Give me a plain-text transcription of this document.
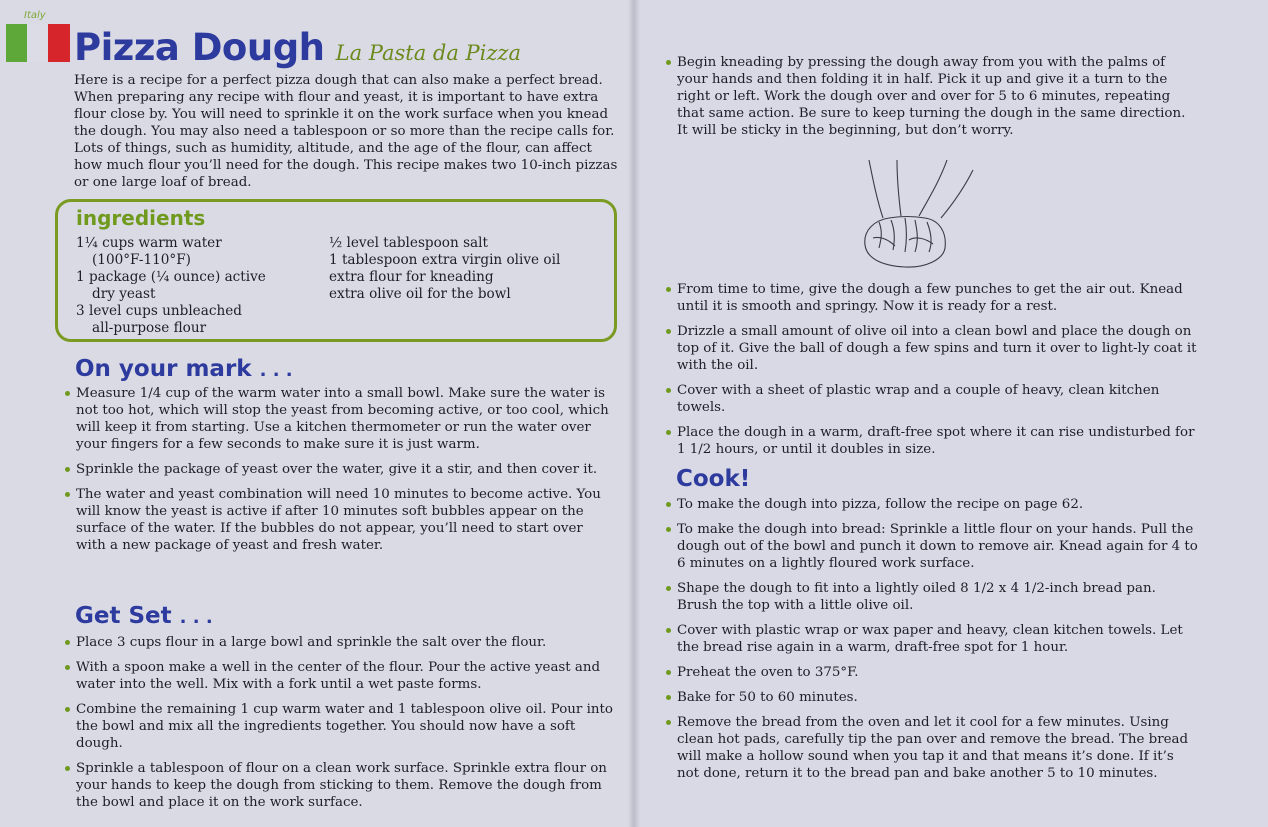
Italy
Pizza Dough La Pasta da Pizza
Here is a recipe for a perfect pizza dough that can also make a perfect bread. When preparing any recipe with flour and yeast, it is important to have extra flour close by. You will need to sprinkle it on the work surface when you knead the dough. You may also need a tablespoon or so more than the recipe calls for. Lots of things, such as humidity, altitude, and the age of the flour, can affect how much flour you’ll need for the dough. This recipe makes two 10-inch pizzas or one large loaf of bread.
ingredients
1¼ cups warm water
(100°F-110°F)
1 package (¼ ounce) active
dry yeast
3 level cups unbleached
all-purpose flour
½ level tablespoon salt
1 tablespoon extra virgin olive oil
extra flour for kneading
extra olive oil for the bowl
On your mark . . .
Measure 1/4 cup of the warm water into a small bowl. Make sure the water is not too hot, which will stop the yeast from becoming active, or too cool, which will keep it from starting. Use a kitchen thermometer or run the water over your fingers for a few seconds to make sure it is just warm.
Sprinkle the package of yeast over the water, give it a stir, and then cover it.
The water and yeast combination will need 10 minutes to become active. You will know the yeast is active if after 10 minutes soft bubbles appear on the surface of the water. If the bubbles do not appear, you’ll need to start over with a new package of yeast and fresh water.
Get Set . . .
Place 3 cups flour in a large bowl and sprinkle the salt over the flour.
With a spoon make a well in the center of the flour. Pour the active yeast and water into the well. Mix with a fork until a wet paste forms.
Combine the remaining 1 cup warm water and 1 tablespoon olive oil. Pour into the bowl and mix all the ingredients together. You should now have a soft dough.
Sprinkle a tablespoon of flour on a clean work surface. Sprinkle extra flour on your hands to keep the dough from sticking to them. Remove the dough from the bowl and place it on the work surface.
Begin kneading by pressing the dough away from you with the palms of your hands and then folding it in half. Pick it up and give it a turn to the right or left. Work the dough over and over for 5 to 6 minutes, repeating that same action. Be sure to keep turning the dough in the same direction. It will be sticky in the beginning, but don’t worry.
From time to time, give the dough a few punches to get the air out. Knead until it is smooth and springy. Now it is ready for a rest.
Drizzle a small amount of olive oil into a clean bowl and place the dough on top of it. Give the ball of dough a few spins and turn it over to light-ly coat it with the oil.
Cover with a sheet of plastic wrap and a couple of heavy, clean kitchen towels.
Place the dough in a warm, draft-free spot where it can rise undisturbed for 1 1/2 hours, or until it doubles in size.
Cook!
To make the dough into pizza, follow the recipe on page 62.
To make the dough into bread: Sprinkle a little flour on your hands. Pull the dough out of the bowl and punch it down to remove air. Knead again for 4 to 6 minutes on a lightly floured work surface.
Shape the dough to fit into a lightly oiled 8 1/2 x 4 1/2-inch bread pan. Brush the top with a little olive oil.
Cover with plastic wrap or wax paper and heavy, clean kitchen towels. Let the bread rise again in a warm, draft-free spot for 1 hour.
Preheat the oven to 375°F.
Bake for 50 to 60 minutes.
Remove the bread from the oven and let it cool for a few minutes. Using clean hot pads, carefully tip the pan over and remove the bread. The bread will make a hollow sound when you tap it and that means it’s done. If it’s not done, return it to the bread pan and bake another 5 to 10 minutes.
